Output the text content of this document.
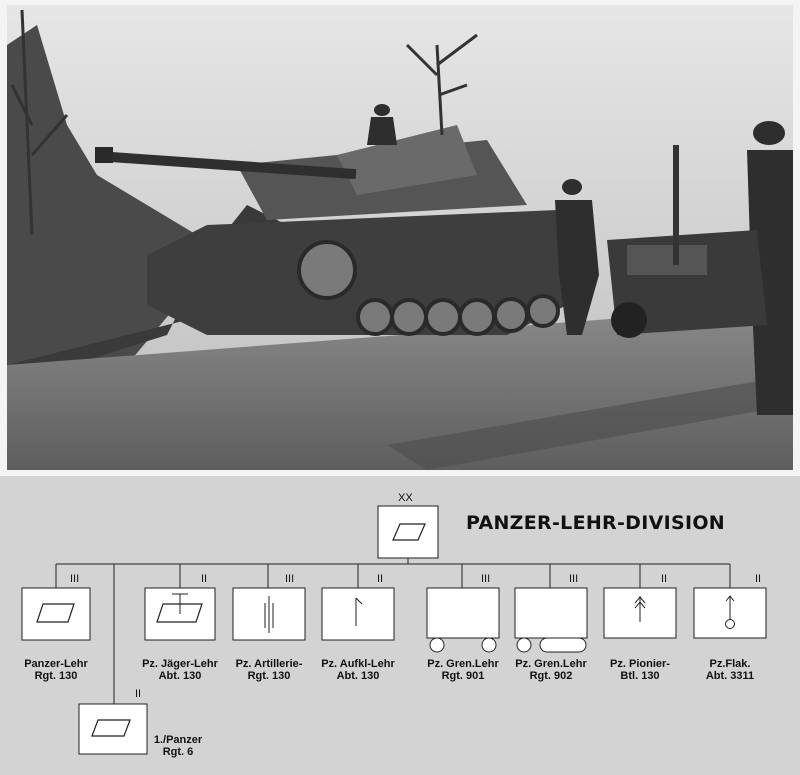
PANZER-LEHR-DIVISION
XX
III	II	III	II	III	III	II	II
II
Panzer-Lehr
Rgt. 130
Pz. Jäger-Lehr
Abt. 130
Pz. Artillerie-
Rgt. 130
Pz. Aufkl-Lehr
Abt. 130
Pz. Gren.Lehr
Rgt. 901
Pz. Gren.Lehr
Rgt. 902
Pz. Pionier-
Btl. 130
Pz.Flak.
Abt. 3311
1./Panzer
Rgt. 6
